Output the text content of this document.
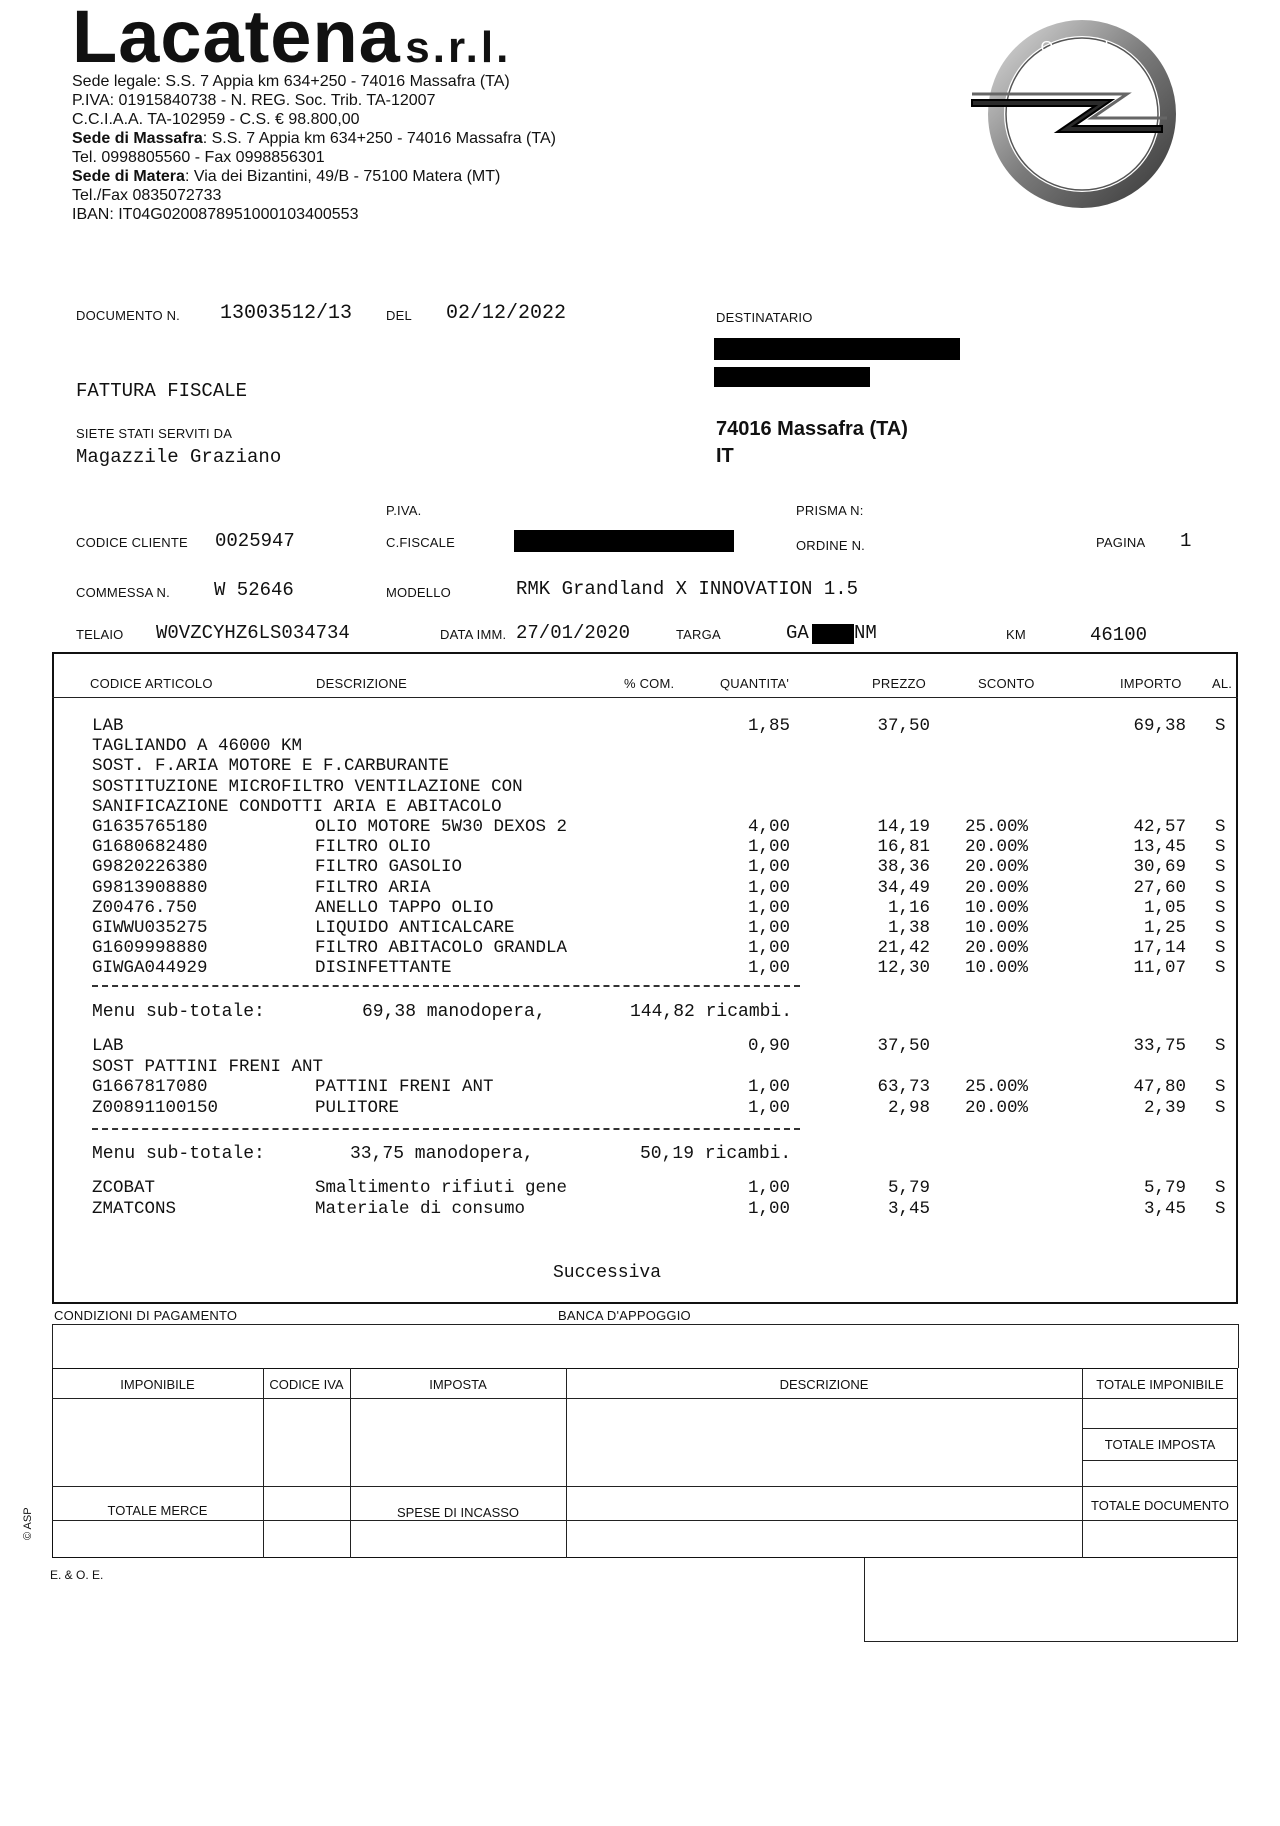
Lacatena s.r.l.
Sede legale: S.S. 7 Appia km 634+250 - 74016 Massafra (TA)
P.IVA: 01915840738 - N. REG. Soc. Trib. TA-12007
C.C.I.A.A. TA-102959 - C.S. € 98.800,00
Sede di Massafra: S.S. 7 Appia km 634+250 - 74016 Massafra (TA)
Tel. 0998805560 - Fax 0998856301
Sede di Matera: Via dei Bizantini, 49/B - 75100 Matera (MT)
Tel./Fax 0835072733
IBAN: IT04G0200878951000103400553
OPEL
DOCUMENTO N. 13003512/13	DEL 02/12/2022	DESTINATARIO
FATTURA FISCALE
SIETE STATI SERVITI DA
Magazzile Graziano
74016 Massafra (TA)
IT
P.IVA.	PRISMA N:
CODICE CLIENTE 0025947	C.FISCALE	ORDINE N.	PAGINA 1
COMMESSA N. W 52646	MODELLO	RMK Grandland X INNOVATION 1.5
TELAIO W0VZCYHZ6LS034734	DATA IMM. 27/01/2020	TARGA	GA NM	KM	46100
CODICE ARTICOLO	DESCRIZIONE	% COM.	QUANTITA'	PREZZO	SCONTO	IMPORTO AL.
LAB	1,85	37,50	69,38 S
TAGLIANDO A 46000 KM
SOST. F.ARIA MOTORE E F.CARBURANTE
SOSTITUZIONE MICROFILTRO VENTILAZIONE CON
SANIFICAZIONE CONDOTTI ARIA E ABITACOLO
G1635765180	OLIO MOTORE 5W30 DEXOS 2	4,00	14,19 25.00%	42,57 S
G1680682480	FILTRO OLIO	1,00	16,81 20.00%	13,45 S
G9820226380	FILTRO GASOLIO	1,00	38,36 20.00%	30,69 S
G9813908880	FILTRO ARIA	1,00	34,49 20.00%	27,60 S
Z00476.750	ANELLO TAPPO OLIO	1,00	1,16 10.00%	1,05 S
GIWWU035275	LIQUIDO ANTICALCARE	1,00	1,38 10.00%	1,25 S
G1609998880	FILTRO ABITACOLO GRANDLA	1,00	21,42 20.00%	17,14 S
GIWGA044929	DISINFETTANTE	1,00	12,30 10.00%	11,07 S
Menu sub-totale:	69,38 manodopera,	144,82 ricambi.
LAB	0,90	37,50	33,75 S
SOST PATTINI FRENI ANT
G1667817080	PATTINI FRENI ANT	1,00	63,73 25.00%	47,80 S
Z00891100150	PULITORE	1,00	2,98 20.00%	2,39 S
Menu sub-totale:	33,75 manodopera,	50,19 ricambi.
ZCOBAT	Smaltimento rifiuti gene	1,00	5,79	5,79 S
ZMATCONS	Materiale di consumo	1,00	3,45	3,45 S
Successiva
CONDIZIONI DI PAGAMENTO	BANCA D'APPOGGIO
IMPONIBILE	CODICE IVA	IMPOSTA	DESCRIZIONE	TOTALE IMPONIBILE
TOTALE IMPOSTA
TOTALE MERCE	SPESE DI INCASSO	TOTALE DOCUMENTO
E. & O. E.
© ASP
